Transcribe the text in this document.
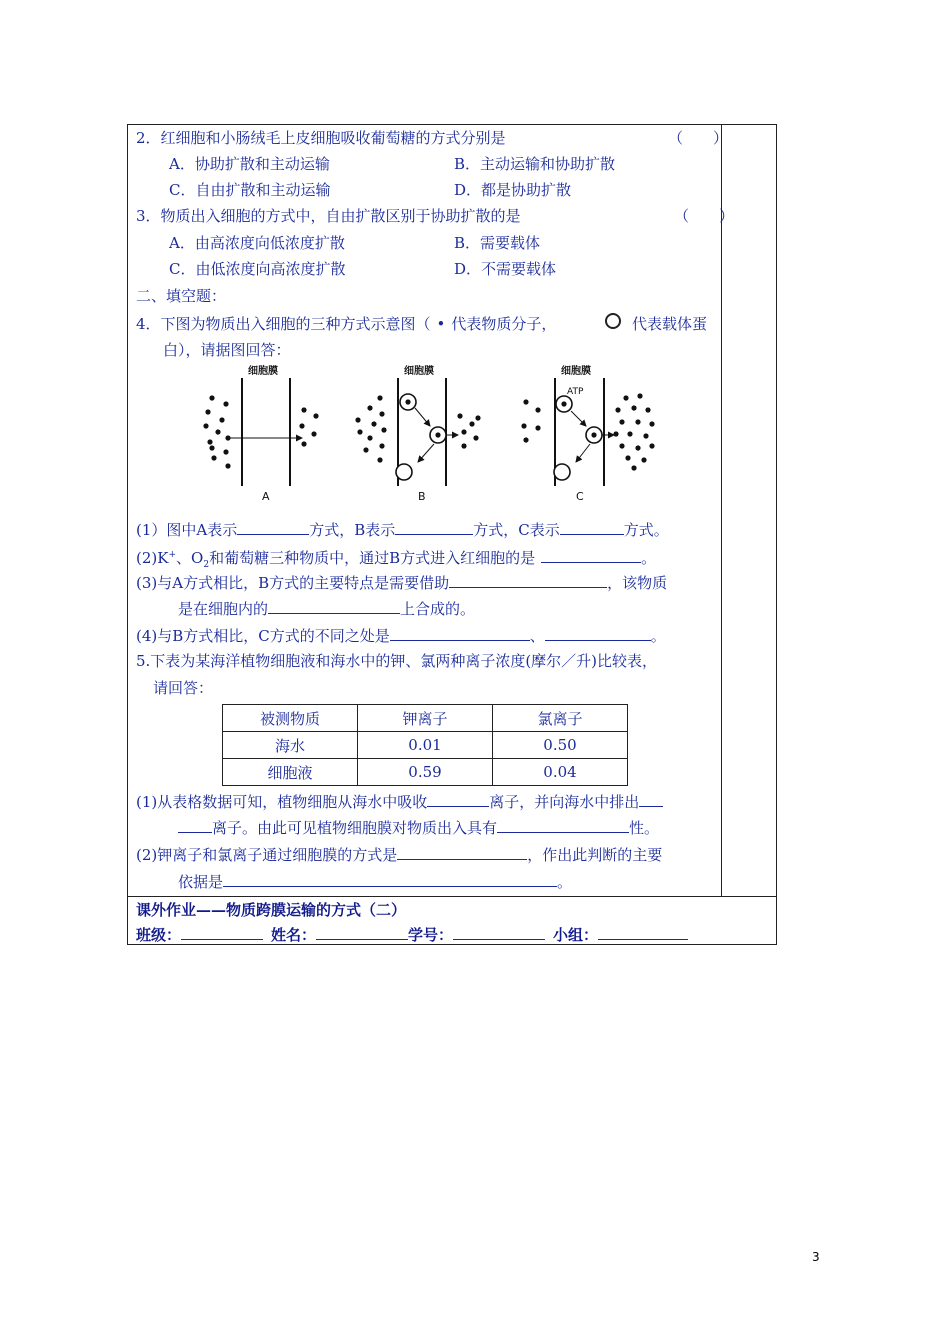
2．红细胞和小肠绒毛上皮细胞吸收葡萄糖的方式分别是	（　　）
A．协助扩散和主动运输	B．主动运输和协助扩散
C．自由扩散和主动运输	D．都是协助扩散
3．物质出入细胞的方式中，自由扩散区别于协助扩散的是	（　　）
A．由高浓度向低浓度扩散	B．需要载体
C．由低浓度向高浓度扩散	D．不需要载体
二、填空题：
4．下图为物质出入细胞的三种方式示意图（ • 代表物质分子，	代表载体蛋
白），请据图回答：
细胞膜
A
细胞膜
B
细胞膜
ATP
C
(1）图中A表示	方式，B表示	方式，C表示	方式。
(2)K+、$O_2$和葡萄糖三种物质中，通过B方式进入红细胞的是	。
(3)与A方式相比，B方式的主要特点是需要借助	，该物质
是在细胞内的	上合成的。
(4)与B方式相比，C方式的不同之处是	、	。
5.下表为某海洋植物细胞液和海水中的钾、氯两种离子浓度(摩尔／升)比较表，
请回答：
被测物质	钾离子	氯离子
海水	0.01	0.50
细胞液	0.59	0.04
(1)从表格数据可知，植物细胞从海水中吸收	离子，并向海水中排出
离子。由此可见植物细胞膜对物质出入具有	性。
(2)钾离子和氯离子通过细胞膜的方式是	，作出此判断的主要
依据是	。
课外作业——物质跨膜运输的方式（二）
班级：	姓名：	学号：	小组：
3
